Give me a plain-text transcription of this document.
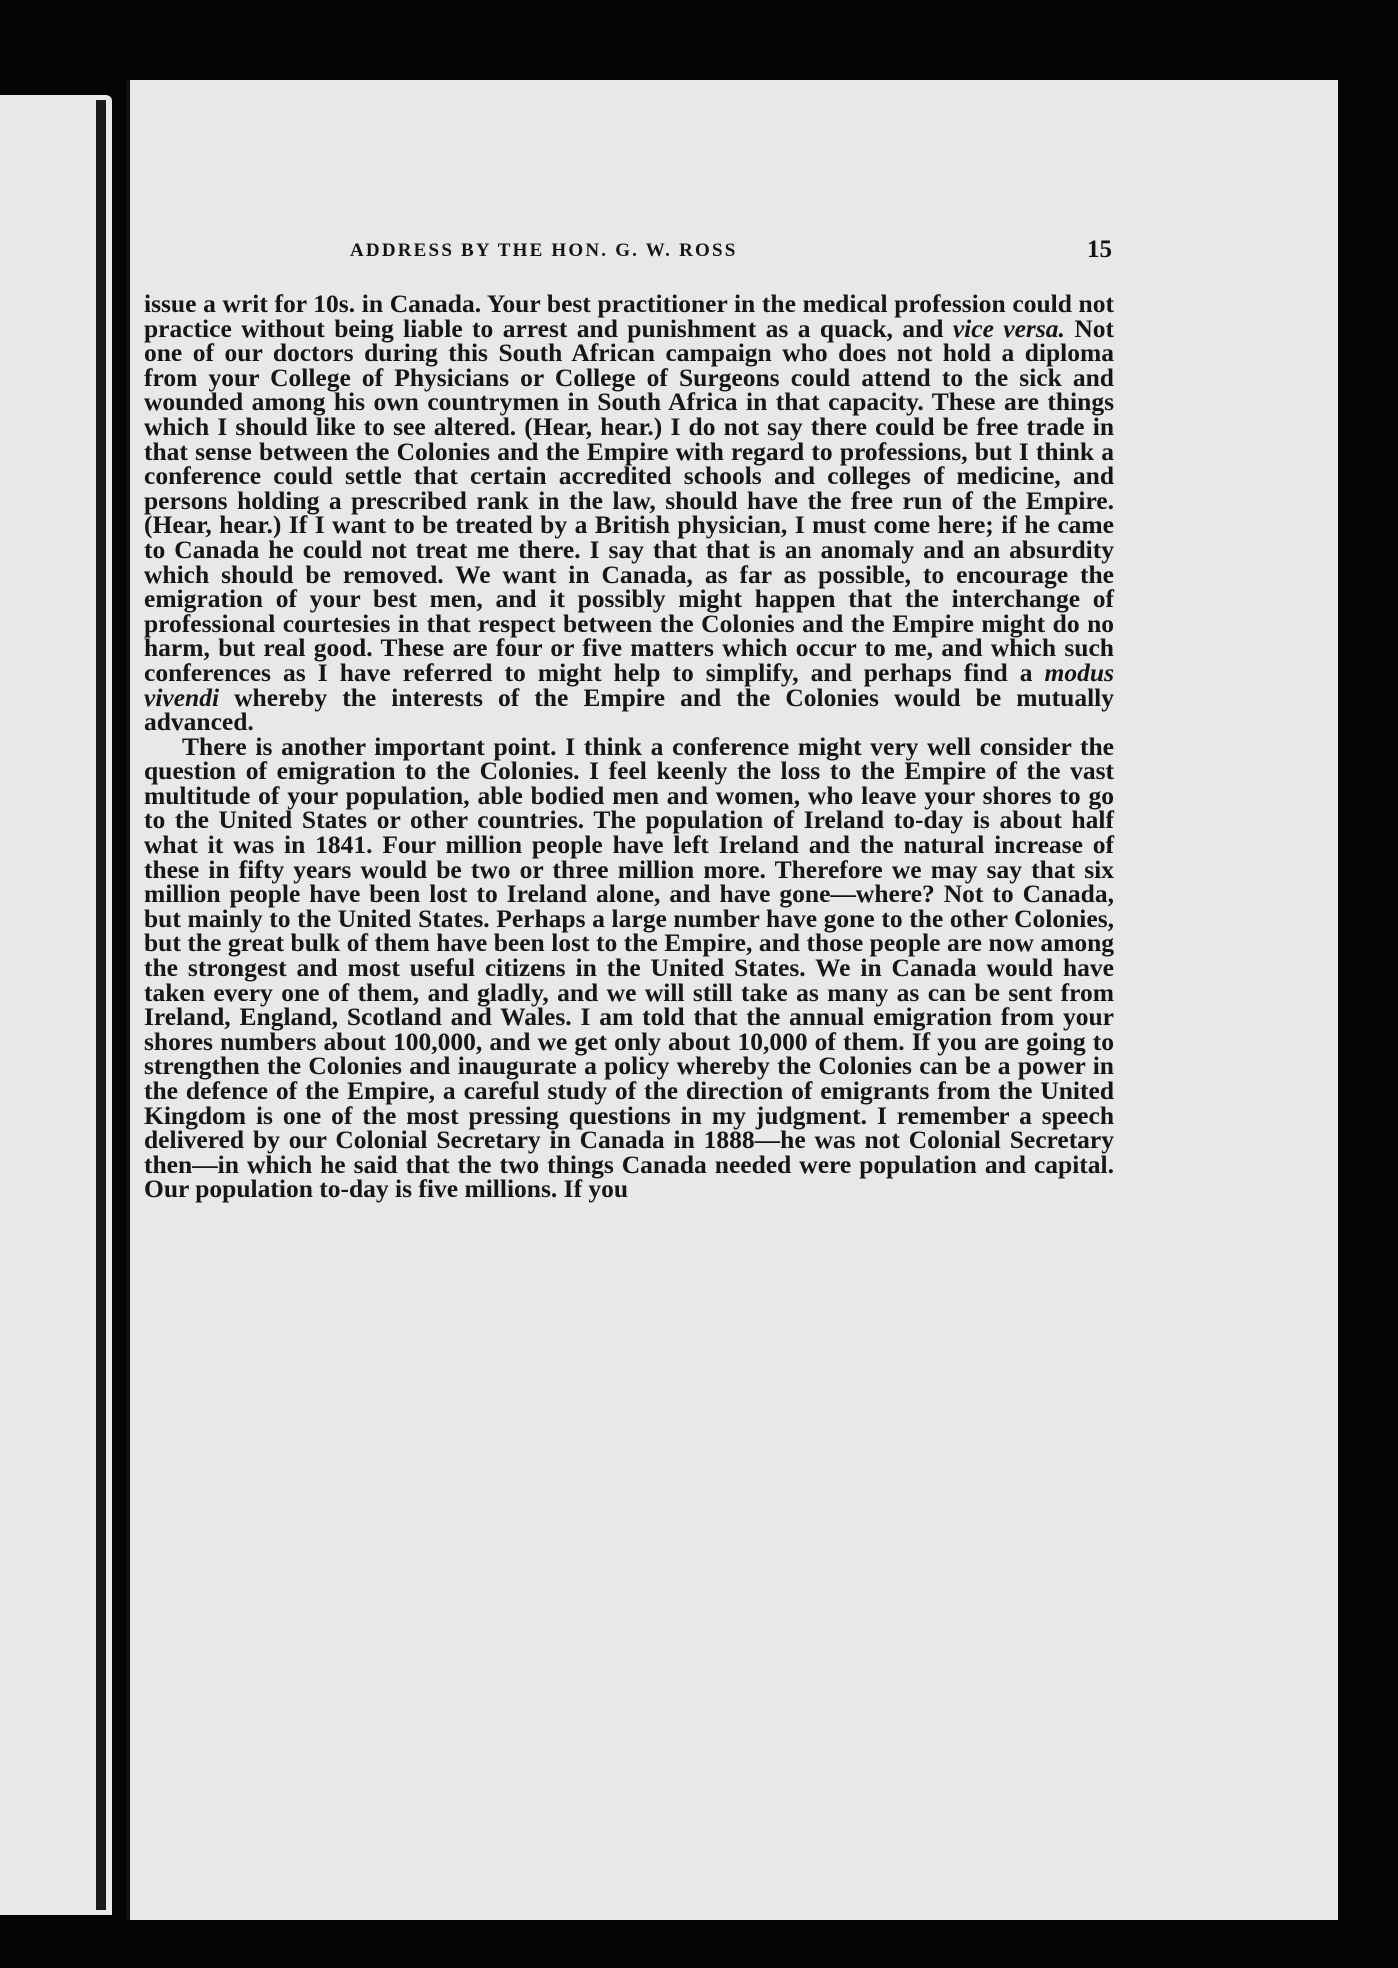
ADDRESS BY THE HON. G. W. ROSS	15

issue a writ for 10s. in Canada. Your best practitioner in the medical profession could not practice without being liable to arrest and punishment as a quack, and vice versa. Not one of our doctors during this South African campaign who does not hold a diploma from your College of Physicians or College of Surgeons could attend to the sick and wounded among his own countrymen in South Africa in that capacity. These are things which I should like to see altered. (Hear, hear.) I do not say there could be free trade in that sense between the Colonies and the Empire with regard to professions, but I think a conference could settle that certain accredited schools and colleges of medicine, and persons holding a prescribed rank in the law, should have the free run of the Empire. (Hear, hear.) If I want to be treated by a British physician, I must come here; if he came to Canada he could not treat me there. I say that that is an anomaly and an absurdity which should be removed. We want in Canada, as far as possible, to encourage the emigration of your best men, and it possibly might happen that the interchange of professional courtesies in that respect between the Colonies and the Empire might do no harm, but real good. These are four or five matters which occur to me, and which such conferences as I have referred to might help to simplify, and perhaps find a modus vivendi whereby the interests of the Empire and the Colonies would be mutually advanced.

There is another important point. I think a conference might very well consider the question of emigration to the Colonies. I feel keenly the loss to the Empire of the vast multitude of your population, able bodied men and women, who leave your shores to go to the United States or other countries. The population of Ireland to-day is about half what it was in 1841. Four million people have left Ireland and the natural increase of these in fifty years would be two or three million more. Therefore we may say that six million people have been lost to Ireland alone, and have gone—where? Not to Canada, but mainly to the United States. Perhaps a large number have gone to the other Colonies, but the great bulk of them have been lost to the Empire, and those people are now among the strongest and most useful citizens in the United States. We in Canada would have taken every one of them, and gladly, and we will still take as many as can be sent from Ireland, England, Scotland and Wales. I am told that the annual emigration from your shores numbers about 100,000, and we get only about 10,000 of them. If you are going to strengthen the Colonies and inaugurate a policy whereby the Colonies can be a power in the defence of the Empire, a careful study of the direction of emigrants from the United Kingdom is one of the most pressing questions in my judgment. I remember a speech delivered by our Colonial Secretary in Canada in 1888—he was not Colonial Secretary then—in which he said that the two things Canada needed were population and capital. Our population to-day is five millions. If you
